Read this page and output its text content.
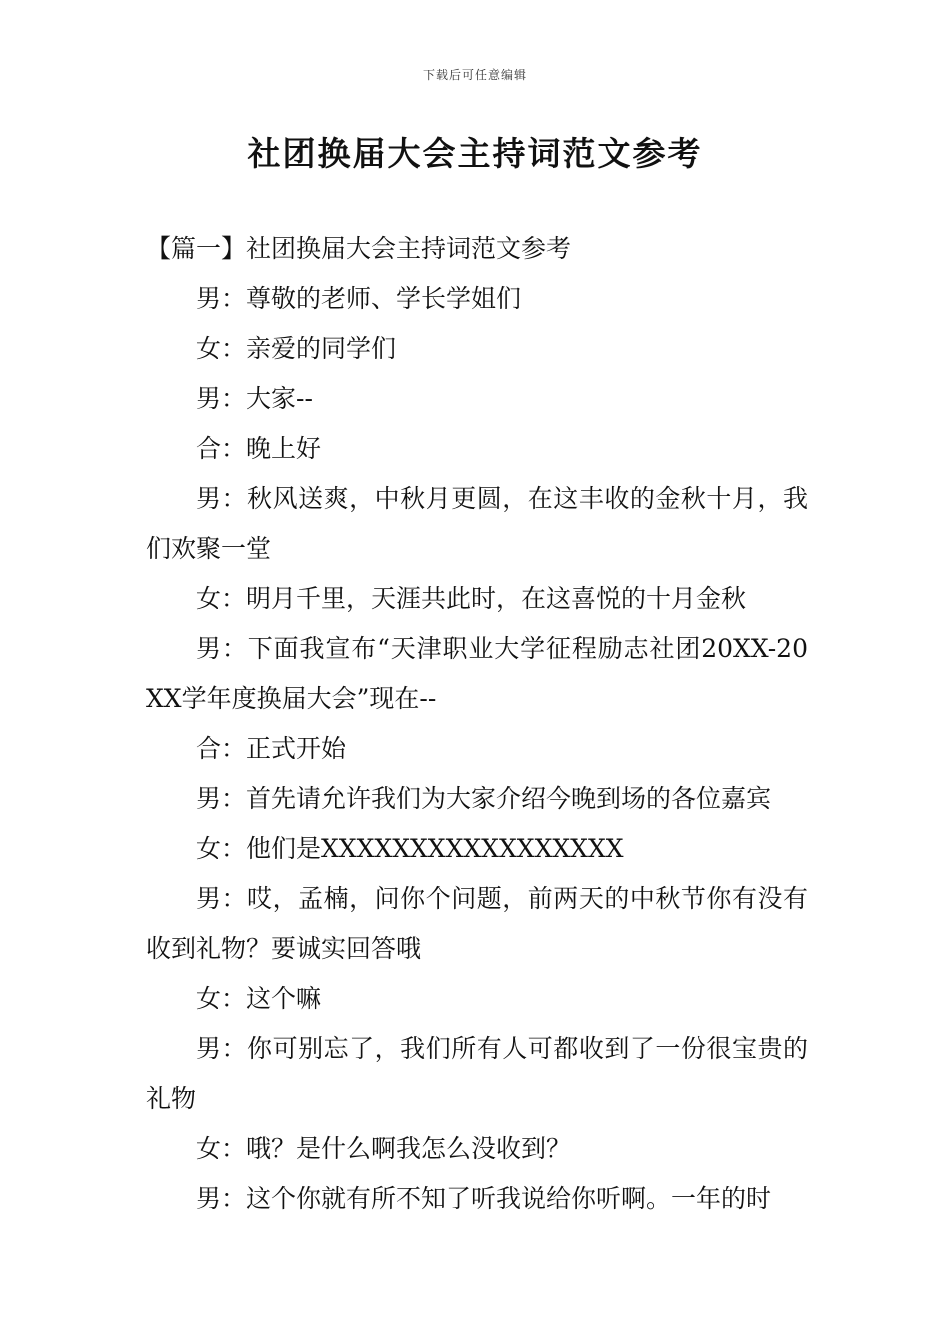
下载后可任意编辑
社团换届大会主持词范文参考

【篇一】社团换届大会主持词范文参考

男：尊敬的老师、学长学姐们

女：亲爱的同学们

男：大家--

合：晚上好

男：秋风送爽，中秋月更圆，在这丰收的金秋十月，我们欢聚一堂

女：明月千里，天涯共此时，在这喜悦的十月金秋

男：下面我宣布“天津职业大学征程励志社团20XX-20XX学年度换届大会”现在--

合：正式开始

男：首先请允许我们为大家介绍今晚到场的各位嘉宾

女：他们是XXXXXXXXXXXXXXXXX

男：哎，孟楠，问你个问题，前两天的中秋节你有没有收到礼物？要诚实回答哦

女：这个嘛

男：你可别忘了，我们所有人可都收到了一份很宝贵的礼物

女：哦？是什么啊我怎么没收到？

男：这个你就有所不知了听我说给你听啊。一年的时
